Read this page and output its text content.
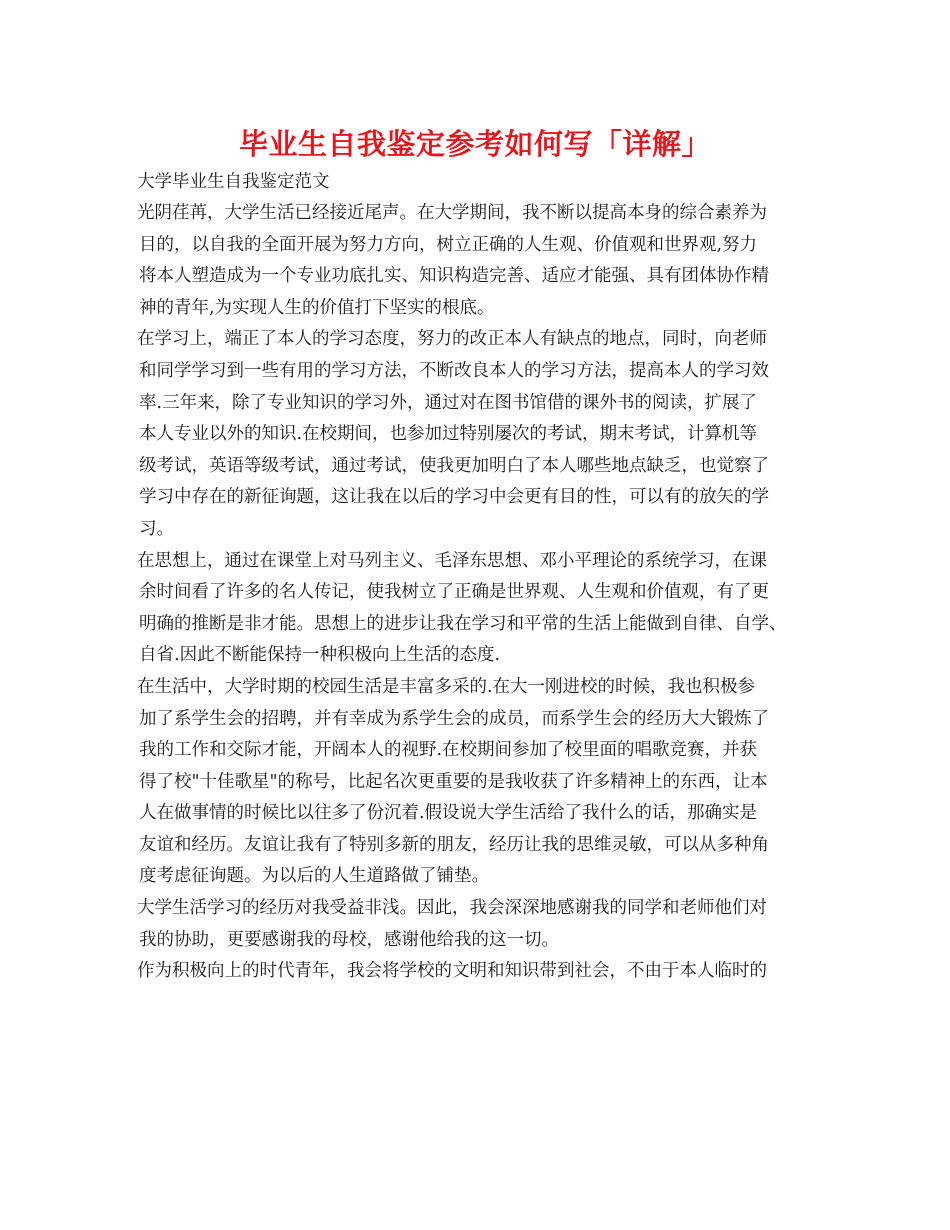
毕业生自我鉴定参考如何写「详解」
大学毕业生自我鉴定范文
光阴荏苒，大学生活已经接近尾声。在大学期间，我不断以提高本身的综合素养为
目的，以自我的全面开展为努力方向，树立正确的人生观、价值观和世界观,努力
将本人塑造成为一个专业功底扎实、知识构造完善、适应才能强、具有团体协作精
神的青年,为实现人生的价值打下坚实的根底。
在学习上，端正了本人的学习态度，努力的改正本人有缺点的地点，同时，向老师
和同学学习到一些有用的学习方法，不断改良本人的学习方法，提高本人的学习效
率.三年来，除了专业知识的学习外，通过对在图书馆借的课外书的阅读，扩展了
本人专业以外的知识.在校期间，也参加过特别屡次的考试，期末考试，计算机等
级考试，英语等级考试，通过考试，使我更加明白了本人哪些地点缺乏，也觉察了
学习中存在的新征询题，这让我在以后的学习中会更有目的性，可以有的放矢的学
习。
在思想上，通过在课堂上对马列主义、毛泽东思想、邓小平理论的系统学习，在课
余时间看了许多的名人传记，使我树立了正确是世界观、人生观和价值观，有了更
明确的推断是非才能。思想上的进步让我在学习和平常的生活上能做到自律、自学、
自省.因此不断能保持一种积极向上生活的态度.
在生活中，大学时期的校园生活是丰富多采的.在大一刚进校的时候，我也积极参
加了系学生会的招聘，并有幸成为系学生会的成员，而系学生会的经历大大锻炼了
我的工作和交际才能，开阔本人的视野.在校期间参加了校里面的唱歌竞赛，并获
得了校"十佳歌星"的称号，比起名次更重要的是我收获了许多精神上的东西，让本
人在做事情的时候比以往多了份沉着.假设说大学生活给了我什么的话，那确实是
友谊和经历。友谊让我有了特别多新的朋友，经历让我的思维灵敏，可以从多种角
度考虑征询题。为以后的人生道路做了铺垫。
大学生活学习的经历对我受益非浅。因此，我会深深地感谢我的同学和老师他们对
我的协助，更要感谢我的母校，感谢他给我的这一切。
作为积极向上的时代青年，我会将学校的文明和知识带到社会，不由于本人临时的
